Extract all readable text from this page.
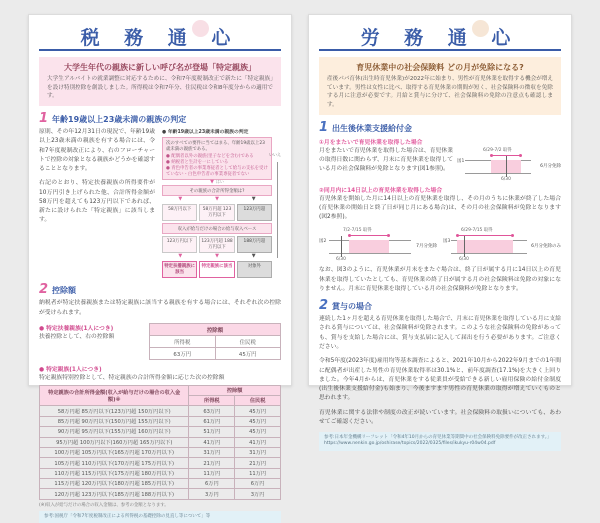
税 務 通 心
大学生年代の親族に新しい呼び名が登場「特定親族」

大学生アルバイトの就業調整に対応するために、令和7年度税制改正で新たに「特定親族」を設け特別控除を創設しました。所得税は令和7年分、住民税は令和8年度分からの適用です。

1 年齢19歳以上23歳未満の親族の判定

原則、その年12月31日の現況で、年齢19歳以上23歳未満の親族を有する場合には、令和7年度税制改正により、右のフローチャートで控除の対象となる親族かどうかを確認することとなります。

右記のとおり、特定扶養親族の所得要件が10万円引き上げられた他、合計所得金額が58万円を超えても123万円以下であれば、新たに設けられた「特定親族」に該当します。

● 年齢19歳以上23歳未満の親族の判定
次のすべての要件に当てはまる、年齢19歳以上23歳未満の親族である。
● 配偶者以外の親族(里子などを含む)である
● 納税者と生計を一にしている
● 青色申告者の事業専従者として給与の支払を受けていない・白色申告者の事業専従者でない
▼ はい
その親族の合計所得金額は?
▼	▼	▼
58万円以下	58万円超 123万円以下
123万円超
収入が給与だけの場合の給与収入ベース
123万円以下	123万円超 188万円以下
188万円超
▼	▼	▼
特定扶養親族に該当
特定親族に該当	対象外
いいえ
2 控除額

納税者が特定扶養親族または特定親族に該当する親族を有する場合には、それぞれ次の控除が受けられます。

● 特定扶養親族(1人につき)

扶養控除として、右の控除額

控除額	
所得税	住民税
63万円	45万円

● 特定親族(1人につき)

特定親族特別控除として、特定親族の合計所得金額に応じた次の控除額

特定親族の合計所得金額(収入が給与だけの場合の収入金額)※	控除額	
	所得税	住民税
58万円超 85万円以下(123万円超 150万円以下)	63万円	45万円
85万円超 90万円以下(150万円超 155万円以下)	61万円	45万円
90万円超 95万円以下(155万円超 160万円以下)	51万円	45万円
95万円超 100万円以下(160万円超 165万円以下)	41万円	41万円
100万円超 105万円以下(165万円超 170万円以下)	31万円	31万円
105万円超 110万円以下(170万円超 175万円以下)	21万円	21万円
110万円超 115万円以下(175万円超 180万円以下)	11万円	11万円
115万円超 120万円以下(180万円超 185万円以下)	6万円	6万円
120万円超 123万円以下(185万円超 188万円以下)	3万円	3万円

(※)収入が給与だけの場合の収入金額は、参考の金額となります。

参考:国税庁「令和7年度税制改正による所得税の基礎控除の見直し等について」等
労 務 通 心
育児休業中の社会保険料 どの月が免除になる?

産後パパ育休(出生時育児休業)が2022年に始まり、男性が育児休業を取得する機会が増えています。男性は女性に比べ、取得する育児休業の期間が短く、社会保険料の徴収を免除する月に注意が必要です。月給と賞与に分けて、社会保険料の免除の注意点も確認します。

1 出生後休業支援給付金
①月をまたいで育児休業を取得した場合

月をまたいで育児休業を取得した場合は、育児休業の取得日数に関わらず、月末に育児休業を取得している月の社会保険料が免除となります(図1参照)。

図1
6/29-7/2 取得
6/30
6月分免除
②同月内に14日以上の育児休業を取得した場合

育児休業を開始した月に14日以上の育児休業を取得し、その月のうちに休業が終了した場合(育児休業の開始日と終了日が同じ月にある場合)は、その月の社会保険料が免除となります(図2参照)。

図2
7/2-7/15 取得
6/30
7月分免除
図3
6/29-7/15 取得
6/30
6月分免除のみ

なお、図3のように、育児休業が月末をまたぐ場合は、終了日が属する月に14日以上の育児休業を取得していたとしても、育児休業の終了日が属する月の社会保険料は免除の対象になりません。月末に育児休業を取得している月の社会保険料が免除となります。

2 賞与の場合

連続した1ヶ月を超える育児休業を取得した場合で、月末に育児休業を取得している月に支給される賞与については、社会保険料が免除されます。このような社会保険料の免除があっても、賞与を支給した場合には、賞与支払届に記入して届出を行う必要があります。ご注意ください。

令和5年度(2023年度)雇用均等基本調査によると、2021年10月から2022年9月までの1年間に配偶者が出産した男性の育児休業取得率は30.1%と、前年度調査(17.1%)を大きく上回りました。今年4月からは、育児休業をする従業員が受給できる新しい雇用保険の給付金制度(出生後休業支援給付金)も始まり、今後ますます男性の育児休業の取得が増えていくものと思われます。

育児休業に関する法律や制度の改正が続いています。社会保険料の取扱いについても、あわせてご確認ください。

参考:日本年金機構リーフレット「令和4年10月からの育児休業等期間中の社会保険料免除要件が改正されます。」
https://www.nenkin.go.jp/oshirase/topics/2022/0325/files/ikukyu-r04w04.pdf
